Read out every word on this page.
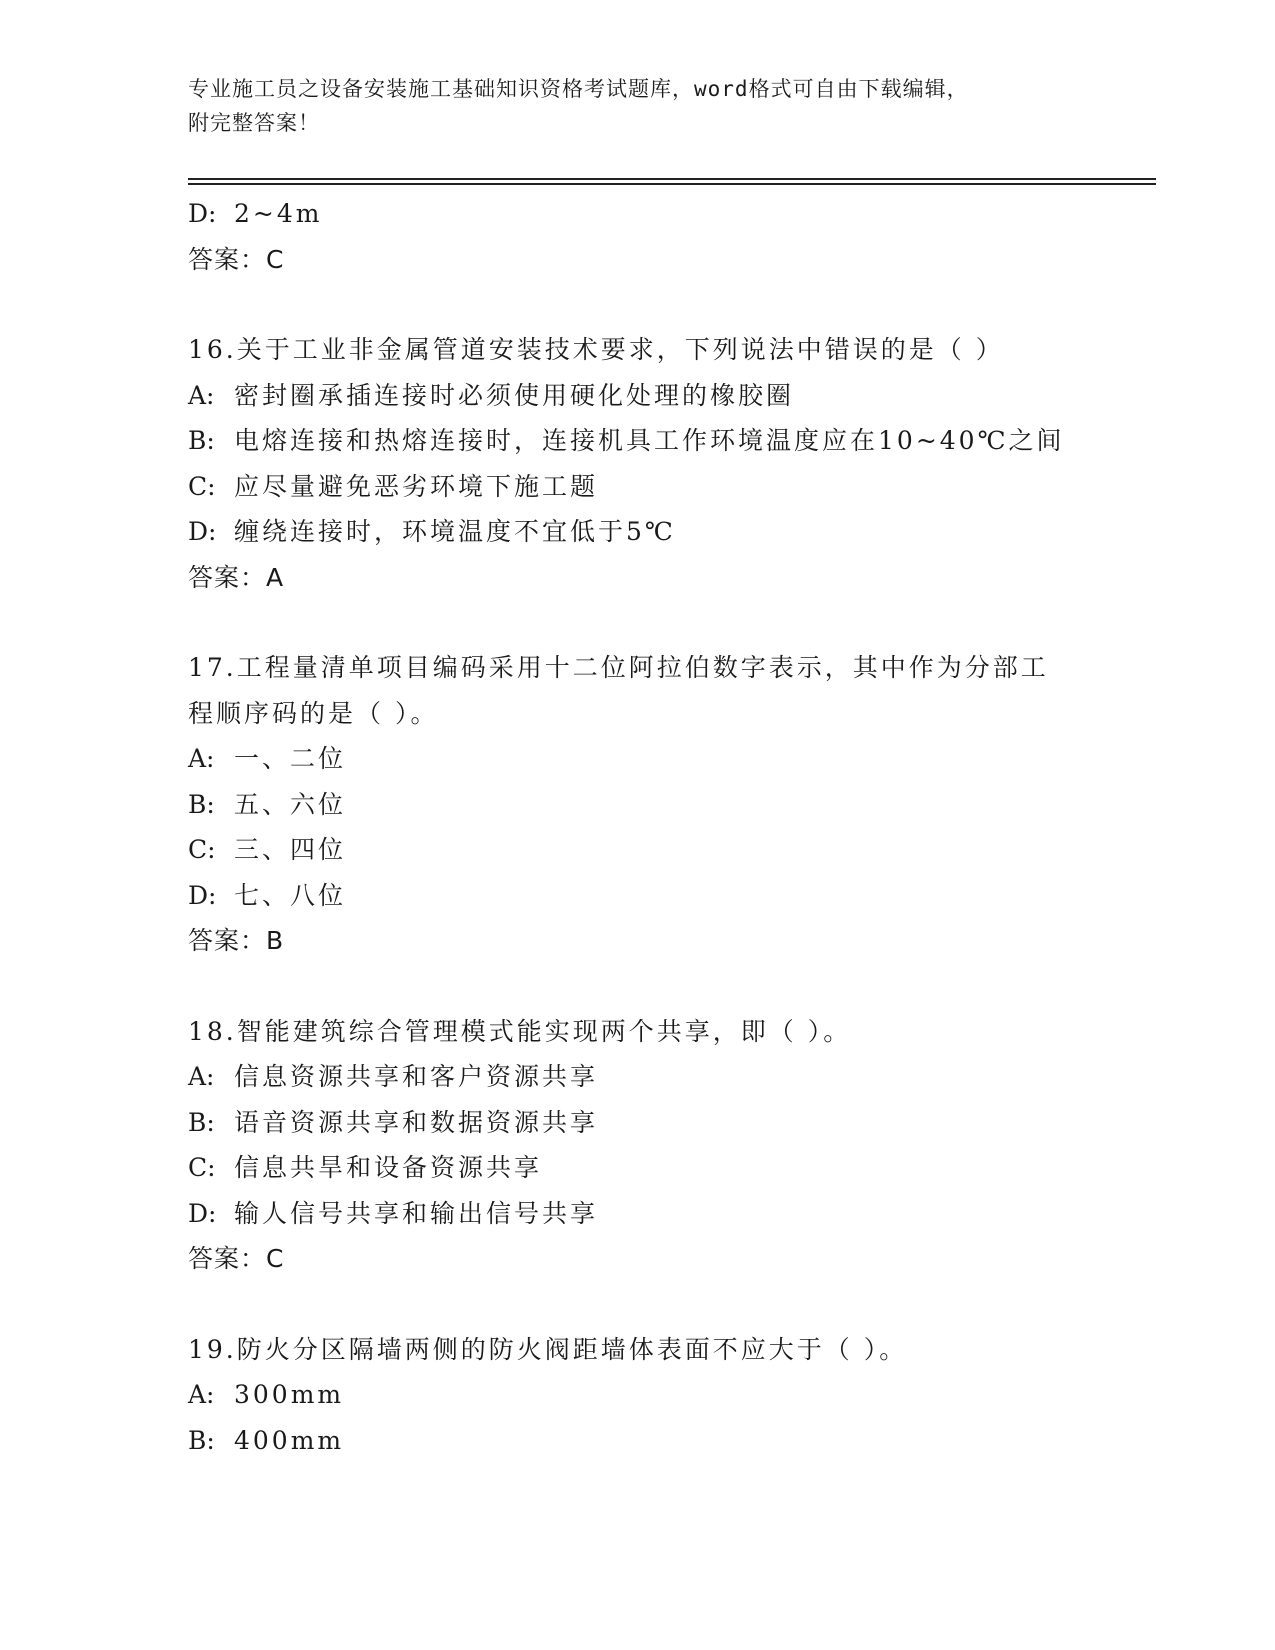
专业施工员之设备安装施工基础知识资格考试题库，word格式可自由下载编辑，
附完整答案！
D: 2~4m
答案：C
16.关于工业非金属管道安装技术要求，下列说法中错误的是（ ）
A: 密封圈承插连接时必须使用硬化处理的橡胶圈
B: 电熔连接和热熔连接时，连接机具工作环境温度应在10~40℃之间
C: 应尽量避免恶劣环境下施工题
D: 缠绕连接时，环境温度不宜低于5℃
答案：A
17.工程量清单项目编码采用十二位阿拉伯数字表示，其中作为分部工
程顺序码的是（ ）。
A: 一、二位
B: 五、六位
C: 三、四位
D: 七、八位
答案：B
18.智能建筑综合管理模式能实现两个共享，即（ ）。
A: 信息资源共享和客户资源共享
B: 语音资源共享和数据资源共享
C: 信息共旱和设备资源共享
D: 输人信号共享和输出信号共享
答案：C
19.防火分区隔墙两侧的防火阀距墙体表面不应大于（ ）。
A: 300mm
B: 400mm
